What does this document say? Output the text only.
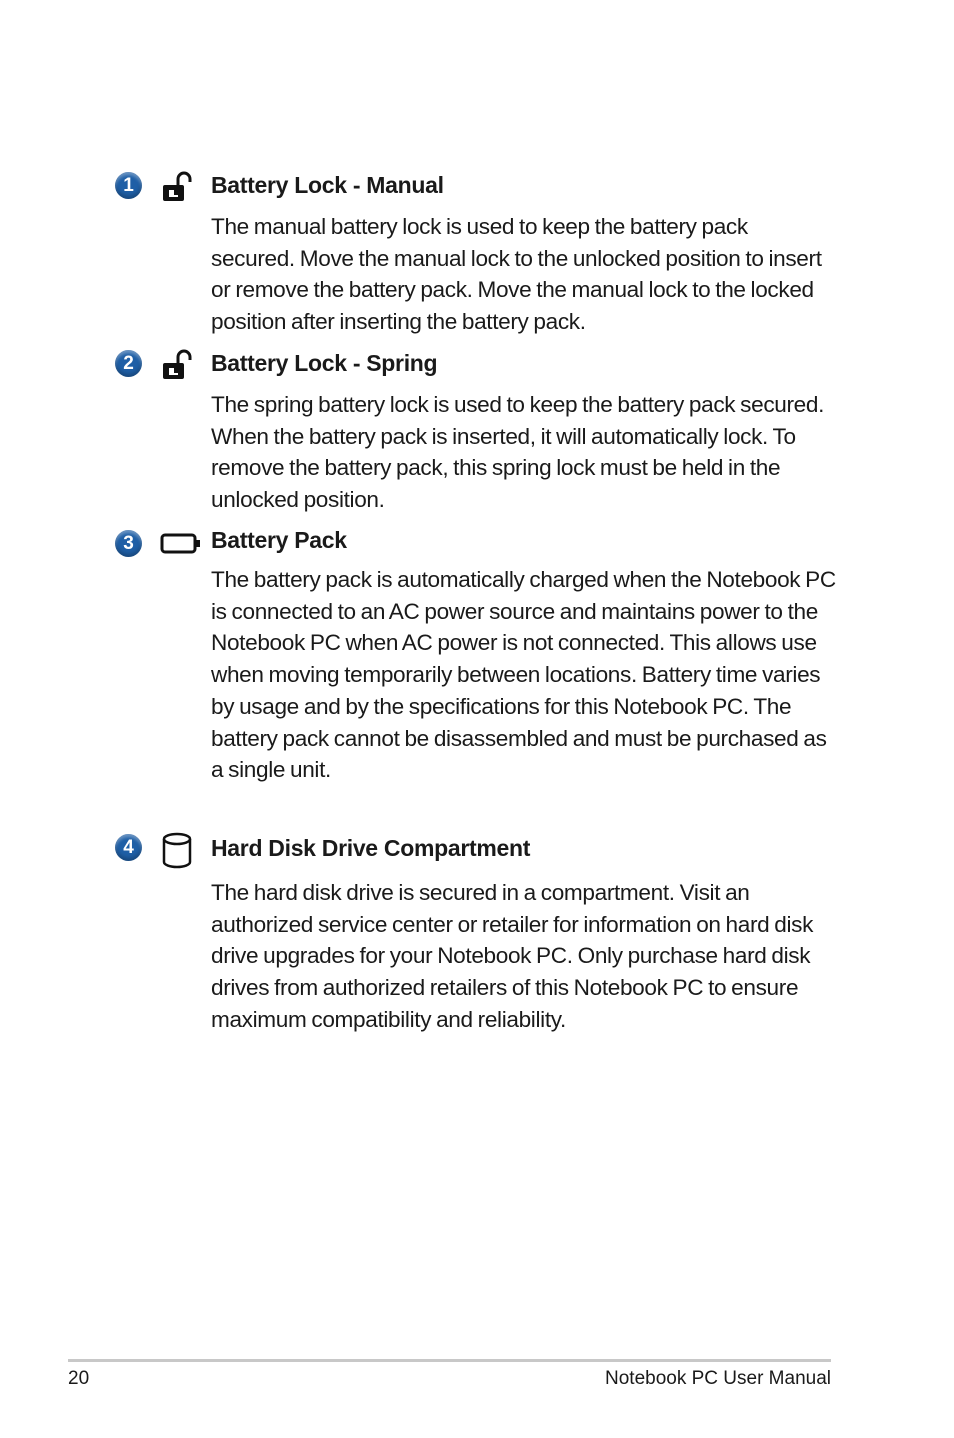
1	Battery Lock - Manual
The manual battery lock is used to keep the battery pack secured. Move the manual lock to the unlocked position to insert or remove the battery pack. Move the manual lock to the locked position after inserting the battery pack.
2	Battery Lock - Spring
The spring battery lock is used to keep the battery pack secured. When the battery pack is inserted, it will automatically lock. To remove the battery pack, this spring lock must be held in the unlocked position.
3	Battery Pack
The battery pack is automatically charged when the Notebook PC is connected to an AC power source and maintains power to the Notebook PC when AC power is not connected. This allows use when moving temporarily between locations. Battery time varies by usage and by the specifications for this Notebook PC. The battery pack cannot be disassembled and must be purchased as a single unit.
4	Hard Disk Drive Compartment
The hard disk drive is secured in a compartment. Visit an authorized service center or retailer for information on hard disk drive upgrades for your Notebook PC. Only purchase hard disk drives from authorized retailers of this Notebook PC to ensure maximum compatibility and reliability.
20	Notebook PC User Manual
